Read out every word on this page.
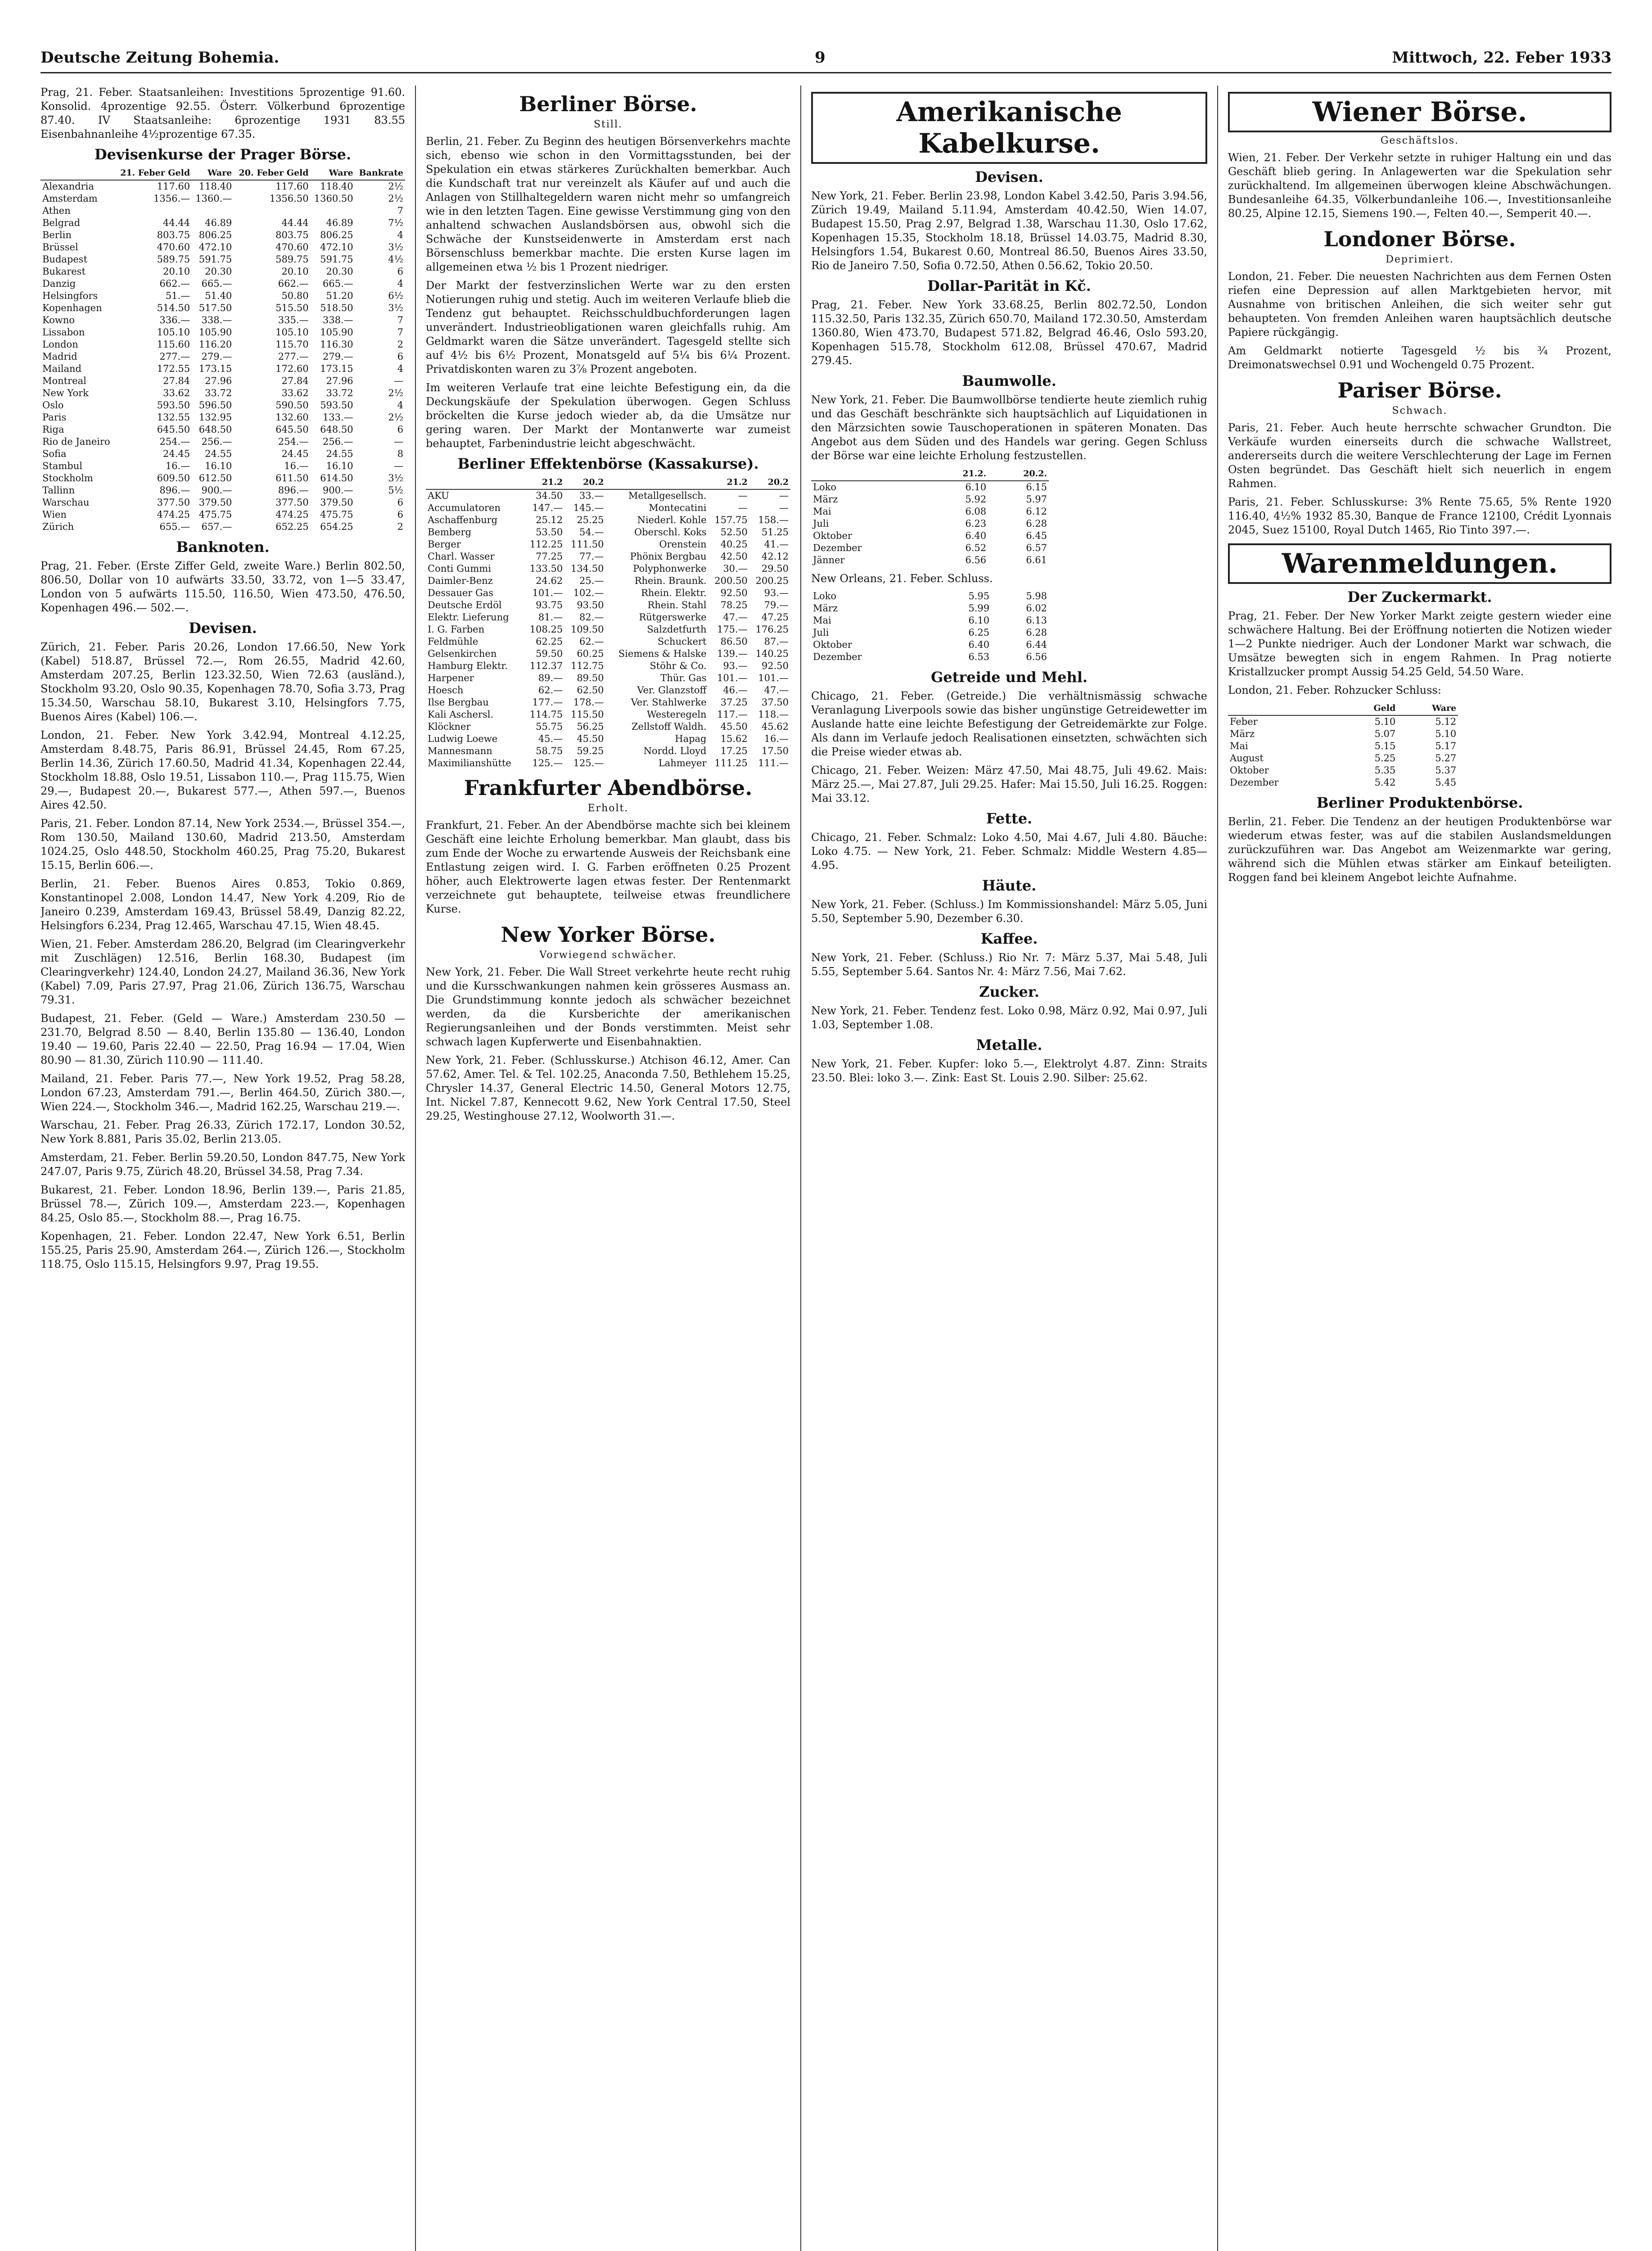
Deutsche Zeitung Bohemia.	9	Mittwoch, 22. Feber 1933

Prag, 21. Feber. Staatsanleihen: Investitions 5prozentige 91.60. Konsolid. 4prozentige 92.55. Österr. Völkerbund 6prozentige 87.40. IV Staatsanleihe: 6prozentige 1931 83.55 Eisenbahnanleihe 4½prozentige 67.35.

Devisenkurse der Prager Börse.
	21. Feber Geld	Ware	20. Feber Geld	Ware	Bankrate
Alexandria	117.60	118.40	117.60	118.40	2½
Amsterdam	1356.—	1360.—	1356.50	1360.50	2½
Athen					7
Belgrad	44.44	46.89	44.44	46.89	7½
Berlin	803.75	806.25	803.75	806.25	4
Brüssel	470.60	472.10	470.60	472.10	3½
Budapest	589.75	591.75	589.75	591.75	4½
Bukarest	20.10	20.30	20.10	20.30	6
Danzig	662.—	665.—	662.—	665.—	4
Helsingfors	51.—	51.40	50.80	51.20	6½
Kopenhagen	514.50	517.50	515.50	518.50	3½
Kowno	336.—	338.—	335.—	338.—	7
Lissabon	105.10	105.90	105.10	105.90	7
London	115.60	116.20	115.70	116.30	2
Madrid	277.—	279.—	277.—	279.—	6
Mailand	172.55	173.15	172.60	173.15	4
Montreal	27.84	27.96	27.84	27.96	—
New York	33.62	33.72	33.62	33.72	2½
Oslo	593.50	596.50	590.50	593.50	4
Paris	132.55	132.95	132.60	133.—	2½
Riga	645.50	648.50	645.50	648.50	6
Rio de Janeiro	254.—	256.—	254.—	256.—	—
Sofia	24.45	24.55	24.45	24.55	8
Stambul	16.—	16.10	16.—	16.10	—
Stockholm	609.50	612.50	611.50	614.50	3½
Tallinn	896.—	900.—	896.—	900.—	5½
Warschau	377.50	379.50	377.50	379.50	6
Wien	474.25	475.75	474.25	475.75	6
Zürich	655.—	657.—	652.25	654.25	2
Banknoten.

Prag, 21. Feber. (Erste Ziffer Geld, zweite Ware.) Berlin 802.50, 806.50, Dollar von 10 aufwärts 33.50, 33.72, von 1—5 33.47, London von 5 aufwärts 115.50, 116.50, Wien 473.50, 476.50, Kopenhagen 496.— 502.—.

Devisen.

Zürich, 21. Feber. Paris 20.26, London 17.66.50, New York (Kabel) 518.87, Brüssel 72.—, Rom 26.55, Madrid 42.60, Amsterdam 207.25, Berlin 123.32.50, Wien 72.63 (ausländ.), Stockholm 93.20, Oslo 90.35, Kopenhagen 78.70, Sofia 3.73, Prag 15.34.50, Warschau 58.10, Bukarest 3.10, Helsingfors 7.75, Buenos Aires (Kabel) 106.—.

London, 21. Feber. New York 3.42.94, Montreal 4.12.25, Amsterdam 8.48.75, Paris 86.91, Brüssel 24.45, Rom 67.25, Berlin 14.36, Zürich 17.60.50, Madrid 41.34, Kopenhagen 22.44, Stockholm 18.88, Oslo 19.51, Lissabon 110.—, Prag 115.75, Wien 29.—, Budapest 20.—, Bukarest 577.—, Athen 597.—, Buenos Aires 42.50.

Paris, 21. Feber. London 87.14, New York 2534.—, Brüssel 354.—, Rom 130.50, Mailand 130.60, Madrid 213.50, Amsterdam 1024.25, Oslo 448.50, Stockholm 460.25, Prag 75.20, Bukarest 15.15, Berlin 606.—.

Berlin, 21. Feber. Buenos Aires 0.853, Tokio 0.869, Konstantinopel 2.008, London 14.47, New York 4.209, Rio de Janeiro 0.239, Amsterdam 169.43, Brüssel 58.49, Danzig 82.22, Helsingfors 6.234, Prag 12.465, Warschau 47.15, Wien 48.45.

Wien, 21. Feber. Amsterdam 286.20, Belgrad (im Clearingverkehr mit Zuschlägen) 12.516, Berlin 168.30, Budapest (im Clearingverkehr) 124.40, London 24.27, Mailand 36.36, New York (Kabel) 7.09, Paris 27.97, Prag 21.06, Zürich 136.75, Warschau 79.31.

Budapest, 21. Feber. (Geld — Ware.) Amsterdam 230.50 — 231.70, Belgrad 8.50 — 8.40, Berlin 135.80 — 136.40, London 19.40 — 19.60, Paris 22.40 — 22.50, Prag 16.94 — 17.04, Wien 80.90 — 81.30, Zürich 110.90 — 111.40.

Mailand, 21. Feber. Paris 77.—, New York 19.52, Prag 58.28, London 67.23, Amsterdam 791.—, Berlin 464.50, Zürich 380.—, Wien 224.—, Stockholm 346.—, Madrid 162.25, Warschau 219.—.

Warschau, 21. Feber. Prag 26.33, Zürich 172.17, London 30.52, New York 8.881, Paris 35.02, Berlin 213.05.

Amsterdam, 21. Feber. Berlin 59.20.50, London 847.75, New York 247.07, Paris 9.75, Zürich 48.20, Brüssel 34.58, Prag 7.34.

Bukarest, 21. Feber. London 18.96, Berlin 139.—, Paris 21.85, Brüssel 78.—, Zürich 109.—, Amsterdam 223.—, Kopenhagen 84.25, Oslo 85.—, Stockholm 88.—, Prag 16.75.

Kopenhagen, 21. Feber. London 22.47, New York 6.51, Berlin 155.25, Paris 25.90, Amsterdam 264.—, Zürich 126.—, Stockholm 118.75, Oslo 115.15, Helsingfors 9.97, Prag 19.55.

Berliner Börse.
Still.

Berlin, 21. Feber. Zu Beginn des heutigen Börsenverkehrs machte sich, ebenso wie schon in den Vormittagsstunden, bei der Spekulation ein etwas stärkeres Zurückhalten bemerkbar. Auch die Kundschaft trat nur vereinzelt als Käufer auf und auch die Anlagen von Stillhaltegeldern waren nicht mehr so umfangreich wie in den letzten Tagen. Eine gewisse Verstimmung ging von den anhaltend schwachen Auslandsbörsen aus, obwohl sich die Schwäche der Kunstseidenwerte in Amsterdam erst nach Börsenschluss bemerkbar machte. Die ersten Kurse lagen im allgemeinen etwa ½ bis 1 Prozent niedriger.

Der Markt der festverzinslichen Werte war zu den ersten Notierungen ruhig und stetig. Auch im weiteren Verlaufe blieb die Tendenz gut behauptet. Reichsschuldbuchforderungen lagen unverändert. Industrieobligationen waren gleichfalls ruhig. Am Geldmarkt waren die Sätze unverändert. Tagesgeld stellte sich auf 4½ bis 6½ Prozent, Monatsgeld auf 5¼ bis 6¼ Prozent. Privatdiskonten waren zu 3⅞ Prozent angeboten.

Im weiteren Verlaufe trat eine leichte Befestigung ein, da die Deckungskäufe der Spekulation überwogen. Gegen Schluss bröckelten die Kurse jedoch wieder ab, da die Umsätze nur gering waren. Der Markt der Montanwerte war zumeist behauptet, Farbenindustrie leicht abgeschwächt.

Berliner Effektenbörse (Kassakurse).
	21.2	20.2		21.2	20.2
AKU	34.50	33.—	Metallgesellsch.	—	—
Accumulatoren	147.—	145.—	Montecatini	—	—
Aschaffenburg	25.12	25.25	Niederl. Kohle	157.75	158.—
Bemberg	53.50	54.—	Oberschl. Koks	52.50	51.25
Berger	112.25	111.50	Orenstein	40.25	41.—
Charl. Wasser	77.25	77.—	Phönix Bergbau	42.50	42.12
Conti Gummi	133.50	134.50	Polyphonwerke	30.—	29.50
Daimler-Benz	24.62	25.—	Rhein. Braunk.	200.50	200.25
Dessauer Gas	101.—	102.—	Rhein. Elektr.	92.50	93.—
Deutsche Erdöl	93.75	93.50	Rhein. Stahl	78.25	79.—
Elektr. Lieferung	81.—	82.—	Rütgerswerke	47.—	47.25
I. G. Farben	108.25	109.50	Salzdetfurth	175.—	176.25
Feldmühle	62.25	62.—	Schuckert	86.50	87.—
Gelsenkirchen	59.50	60.25	Siemens & Halske	139.—	140.25
Hamburg Elektr.	112.37	112.75	Stöhr & Co.	93.—	92.50
Harpener	89.—	89.50	Thür. Gas	101.—	101.—
Hoesch	62.—	62.50	Ver. Glanzstoff	46.—	47.—
Ilse Bergbau	177.—	178.—	Ver. Stahlwerke	37.25	37.50
Kali Aschersl.	114.75	115.50	Westeregeln	117.—	118.—
Klöckner	55.75	56.25	Zellstoff Waldh.	45.50	45.62
Ludwig Loewe	45.—	45.50	Hapag	15.62	16.—
Mannesmann	58.75	59.25	Nordd. Lloyd	17.25	17.50
Maximilianshütte	125.—	125.—	Lahmeyer	111.25	111.—
Frankfurter Abendbörse.
Erholt.

Frankfurt, 21. Feber. An der Abendbörse machte sich bei kleinem Geschäft eine leichte Erholung bemerkbar. Man glaubt, dass bis zum Ende der Woche zu erwartende Ausweis der Reichsbank eine Entlastung zeigen wird. I. G. Farben eröffneten 0.25 Prozent höher, auch Elektrowerte lagen etwas fester. Der Rentenmarkt verzeichnete gut behauptete, teilweise etwas freundlichere Kurse.

New Yorker Börse.
Vorwiegend schwächer.

New York, 21. Feber. Die Wall Street verkehrte heute recht ruhig und die Kursschwankungen nahmen kein grösseres Ausmass an. Die Grundstimmung konnte jedoch als schwächer bezeichnet werden, da die Kursberichte der amerikanischen Regierungsanleihen und der Bonds verstimmten. Meist sehr schwach lagen Kupferwerte und Eisenbahnaktien.

New York, 21. Feber. (Schlusskurse.) Atchison 46.12, Amer. Can 57.62, Amer. Tel. & Tel. 102.25, Anaconda 7.50, Bethlehem 15.25, Chrysler 14.37, General Electric 14.50, General Motors 12.75, Int. Nickel 7.87, Kennecott 9.62, New York Central 17.50, Steel 29.25, Westinghouse 27.12, Woolworth 31.—.

Amerikanische Kabelkurse.
Devisen.

New York, 21. Feber. Berlin 23.98, London Kabel 3.42.50, Paris 3.94.56, Zürich 19.49, Mailand 5.11.94, Amsterdam 40.42.50, Wien 14.07, Budapest 15.50, Prag 2.97, Belgrad 1.38, Warschau 11.30, Oslo 17.62, Kopenhagen 15.35, Stockholm 18.18, Brüssel 14.03.75, Madrid 8.30, Helsingfors 1.54, Bukarest 0.60, Montreal 86.50, Buenos Aires 33.50, Rio de Janeiro 7.50, Sofia 0.72.50, Athen 0.56.62, Tokio 20.50.

Dollar-Parität in Kč.

Prag, 21. Feber. New York 33.68.25, Berlin 802.72.50, London 115.32.50, Paris 132.35, Zürich 650.70, Mailand 172.30.50, Amsterdam 1360.80, Wien 473.70, Budapest 571.82, Belgrad 46.46, Oslo 593.20, Kopenhagen 515.78, Stockholm 612.08, Brüssel 470.67, Madrid 279.45.

Baumwolle.

New York, 21. Feber. Die Baumwollbörse tendierte heute ziemlich ruhig und das Geschäft beschränkte sich hauptsächlich auf Liquidationen in den Märzsichten sowie Tauschoperationen in späteren Monaten. Das Angebot aus dem Süden und des Handels war gering. Gegen Schluss der Börse war eine leichte Erholung festzustellen.

	21.2.	20.2.
Loko	6.10	6.15
März	5.92	5.97
Mai	6.08	6.12
Juli	6.23	6.28
Oktober	6.40	6.45
Dezember	6.52	6.57
Jänner	6.56	6.61

New Orleans, 21. Feber. Schluss.

Loko	5.95	5.98
März	5.99	6.02
Mai	6.10	6.13
Juli	6.25	6.28
Oktober	6.40	6.44
Dezember	6.53	6.56
Getreide und Mehl.

Chicago, 21. Feber. (Getreide.) Die verhältnismässig schwache Veranlagung Liverpools sowie das bisher ungünstige Getreidewetter im Auslande hatte eine leichte Befestigung der Getreidemärkte zur Folge. Als dann im Verlaufe jedoch Realisationen einsetzten, schwächten sich die Preise wieder etwas ab.

Chicago, 21. Feber. Weizen: März 47.50, Mai 48.75, Juli 49.62. Mais: März 25.—, Mai 27.87, Juli 29.25. Hafer: Mai 15.50, Juli 16.25. Roggen: Mai 33.12.

Fette.

Chicago, 21. Feber. Schmalz: Loko 4.50, Mai 4.67, Juli 4.80. Bäuche: Loko 4.75. — New York, 21. Feber. Schmalz: Middle Western 4.85—4.95.

Häute.

New York, 21. Feber. (Schluss.) Im Kommissionshandel: März 5.05, Juni 5.50, September 5.90, Dezember 6.30.

Kaffee.

New York, 21. Feber. (Schluss.) Rio Nr. 7: März 5.37, Mai 5.48, Juli 5.55, September 5.64. Santos Nr. 4: März 7.56, Mai 7.62.

Zucker.

New York, 21. Feber. Tendenz fest. Loko 0.98, März 0.92, Mai 0.97, Juli 1.03, September 1.08.

Metalle.

New York, 21. Feber. Kupfer: loko 5.—, Elektrolyt 4.87. Zinn: Straits 23.50. Blei: loko 3.—. Zink: East St. Louis 2.90. Silber: 25.62.

Wiener Börse.
Geschäftslos.

Wien, 21. Feber. Der Verkehr setzte in ruhiger Haltung ein und das Geschäft blieb gering. In Anlagewerten war die Spekulation sehr zurückhaltend. Im allgemeinen überwogen kleine Abschwächungen. Bundesanleihe 64.35, Völkerbundanleihe 106.—, Investitionsanleihe 80.25, Alpine 12.15, Siemens 190.—, Felten 40.—, Semperit 40.—.

Londoner Börse.
Deprimiert.

London, 21. Feber. Die neuesten Nachrichten aus dem Fernen Osten riefen eine Depression auf allen Marktgebieten hervor, mit Ausnahme von britischen Anleihen, die sich weiter sehr gut behaupteten. Von fremden Anleihen waren hauptsächlich deutsche Papiere rückgängig.

Am Geldmarkt notierte Tagesgeld ½ bis ¾ Prozent, Dreimonatswechsel 0.91 und Wochengeld 0.75 Prozent.

Pariser Börse.
Schwach.

Paris, 21. Feber. Auch heute herrschte schwacher Grundton. Die Verkäufe wurden einerseits durch die schwache Wallstreet, andererseits durch die weitere Verschlechterung der Lage im Fernen Osten begründet. Das Geschäft hielt sich neuerlich in engem Rahmen.

Paris, 21. Feber. Schlusskurse: 3% Rente 75.65, 5% Rente 1920 116.40, 4½% 1932 85.30, Banque de France 12100, Crédit Lyonnais 2045, Suez 15100, Royal Dutch 1465, Rio Tinto 397.—.

Warenmeldungen.
Der Zuckermarkt.

Prag, 21. Feber. Der New Yorker Markt zeigte gestern wieder eine schwächere Haltung. Bei der Eröffnung notierten die Notizen wieder 1—2 Punkte niedriger. Auch der Londoner Markt war schwach, die Umsätze bewegten sich in engem Rahmen. In Prag notierte Kristallzucker prompt Aussig 54.25 Geld, 54.50 Ware.

London, 21. Feber. Rohzucker Schluss:

	Geld	Ware
Feber	5.10	5.12
März	5.07	5.10
Mai	5.15	5.17
August	5.25	5.27
Oktober	5.35	5.37
Dezember	5.42	5.45
Berliner Produktenbörse.

Berlin, 21. Feber. Die Tendenz an der heutigen Produktenbörse war wiederum etwas fester, was auf die stabilen Auslandsmeldungen zurückzuführen war. Das Angebot am Weizenmarkte war gering, während sich die Mühlen etwas stärker am Einkauf beteiligten. Roggen fand bei kleinem Angebot leichte Aufnahme.
